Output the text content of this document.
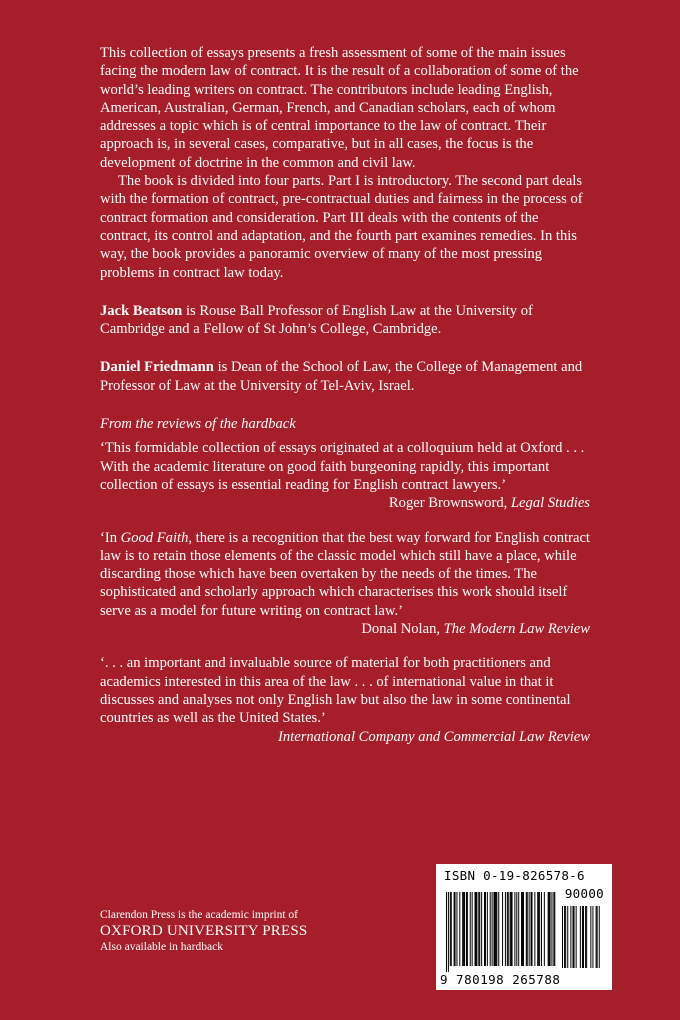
This collection of essays presents a fresh assessment of some of the main issues facing the modern law of contract. It is the result of a collaboration of some of the world’s leading writers on contract. The contributors include leading English, American, Australian, German, French, and Canadian scholars, each of whom addresses a topic which is of central importance to the law of contract. Their approach is, in several cases, comparative, but in all cases, the focus is the development of doctrine in the common and civil law.

The book is divided into four parts. Part I is introductory. The second part deals with the formation of contract, pre-contractual duties and fairness in the process of contract formation and consideration. Part III deals with the contents of the contract, its control and adaptation, and the fourth part examines remedies. In this way, the book provides a panoramic overview of many of the most pressing problems in contract law today.

Jack Beatson is Rouse Ball Professor of English Law at the University of Cambridge and a Fellow of St John’s College, Cambridge.

Daniel Friedmann is Dean of the School of Law, the College of Management and Professor of Law at the University of Tel-Aviv, Israel.

From the reviews of the hardback

‘This formidable collection of essays originated at a colloquium held at Oxford . . . With the academic literature on good faith burgeoning rapidly, this important collection of essays is essential reading for English contract lawyers.’

Roger Brownsword, Legal Studies

‘In Good Faith, there is a recognition that the best way forward for English contract law is to retain those elements of the classic model which still have a place, while discarding those which have been overtaken by the needs of the times. The sophisticated and scholarly approach which characterises this work should itself serve as a model for future writing on contract law.’

Donal Nolan, The Modern Law Review

‘. . . an important and invaluable source of material for both practitioners and academics interested in this area of the law . . . of international value in that it discusses and analyses not only English law but also the law in some continental countries as well as the United States.’

International Company and Commercial Law Review

Clarendon Press is the academic imprint of
OXFORD UNIVERSITY PRESS
Also available in hardback
ISBN 0-19-826578-6
90000
9 780198 265788
